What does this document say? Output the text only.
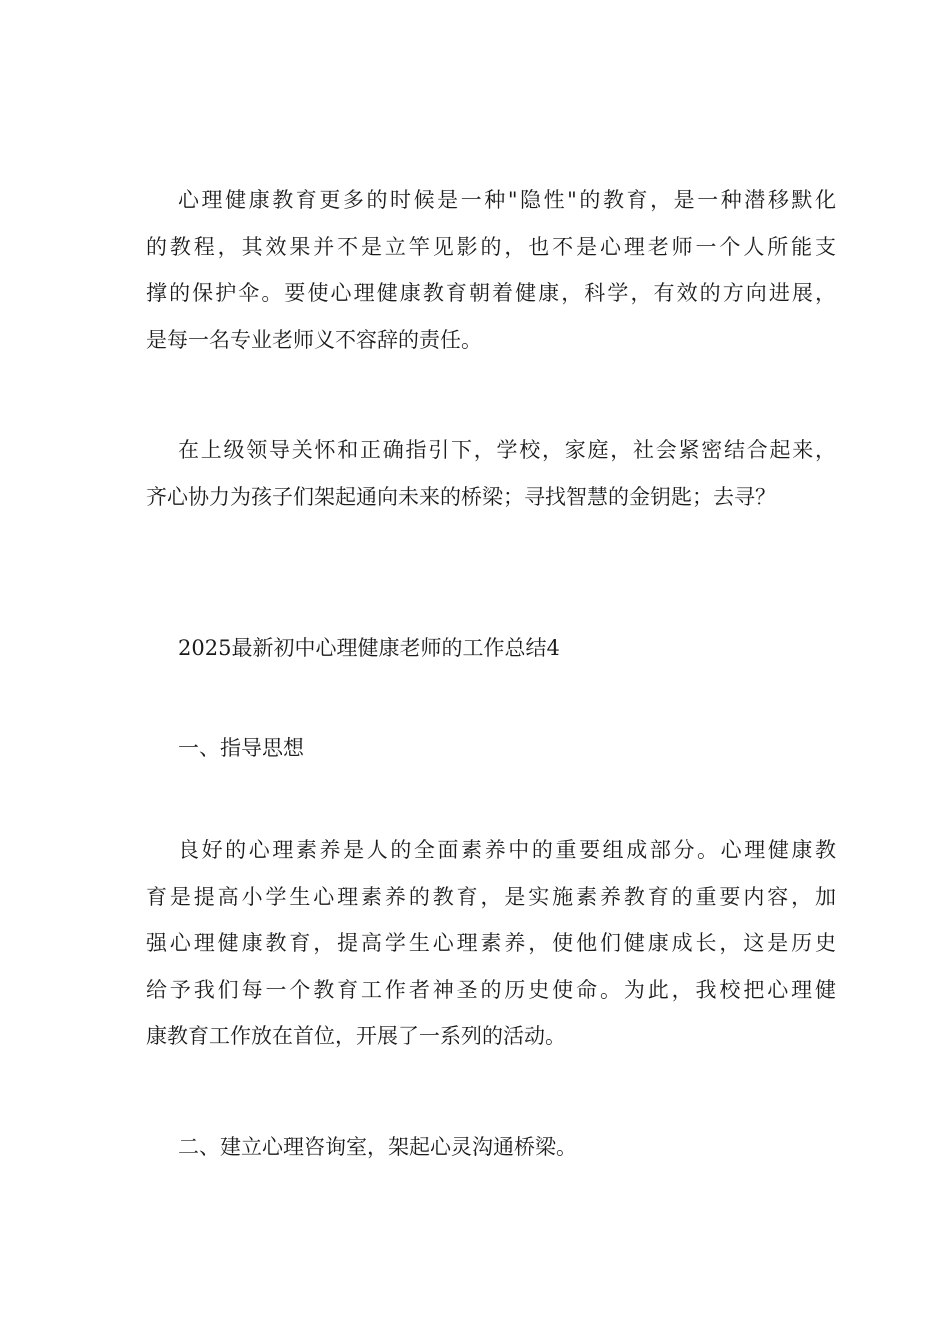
心理健康教育更多的时候是一种"隐性"的教育，是一种潜移默化
的教程，其效果并不是立竿见影的，也不是心理老师一个人所能支
撑的保护伞。要使心理健康教育朝着健康，科学，有效的方向进展，
是每一名专业老师义不容辞的责任。
在上级领导关怀和正确指引下，学校，家庭，社会紧密结合起来，
齐心协力为孩子们架起通向未来的桥梁；寻找智慧的金钥匙；去寻？

2025最新初中心理健康老师的工作总结4

一、指导思想

良好的心理素养是人的全面素养中的重要组成部分。心理健康教
育是提高小学生心理素养的教育，是实施素养教育的重要内容，加
强心理健康教育，提高学生心理素养，使他们健康成长，这是历史
给予我们每一个教育工作者神圣的历史使命。为此，我校把心理健
康教育工作放在首位，开展了一系列的活动。

二、建立心理咨询室，架起心灵沟通桥梁。
